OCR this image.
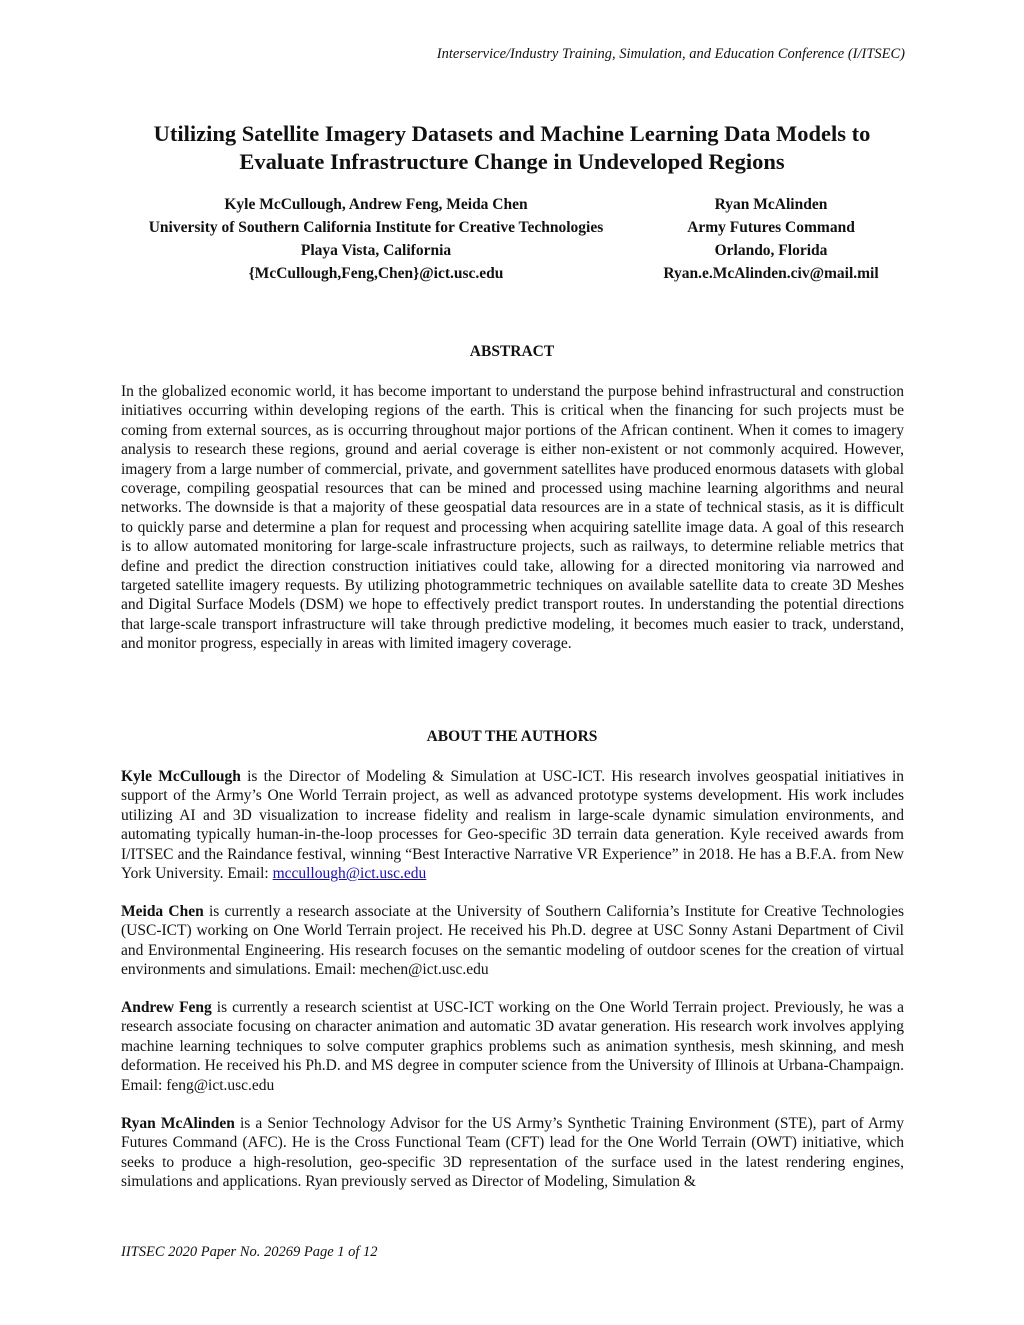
Interservice/Industry Training, Simulation, and Education Conference (I/ITSEC)
Utilizing Satellite Imagery Datasets and Machine Learning Data Models to
Evaluate Infrastructure Change in Undeveloped Regions
Kyle McCullough, Andrew Feng, Meida Chen
University of Southern California Institute for Creative Technologies
Playa Vista, California
{McCullough,Feng,Chen}@ict.usc.edu
Ryan McAlinden
Army Futures Command
Orlando, Florida
Ryan.e.McAlinden.civ@mail.mil
ABSTRACT

In the globalized economic world, it has become important to understand the purpose behind infrastructural and construction initiatives occurring within developing regions of the earth. This is critical when the financing for such projects must be coming from external sources, as is occurring throughout major portions of the African continent. When it comes to imagery analysis to research these regions, ground and aerial coverage is either non-existent or not commonly acquired. However, imagery from a large number of commercial, private, and government satellites have produced enormous datasets with global coverage, compiling geospatial resources that can be mined and processed using machine learning algorithms and neural networks. The downside is that a majority of these geospatial data resources are in a state of technical stasis, as it is difficult to quickly parse and determine a plan for request and processing when acquiring satellite image data. A goal of this research is to allow automated monitoring for large-scale infrastructure projects, such as railways, to determine reliable metrics that define and predict the direction construction initiatives could take, allowing for a directed monitoring via narrowed and targeted satellite imagery requests. By utilizing photogrammetric techniques on available satellite data to create 3D Meshes and Digital Surface Models (DSM) we hope to effectively predict transport routes. In understanding the potential directions that large-scale transport infrastructure will take through predictive modeling, it becomes much easier to track, understand, and monitor progress, especially in areas with limited imagery coverage.

ABOUT THE AUTHORS

Kyle McCullough is the Director of Modeling & Simulation at USC-ICT. His research involves geospatial initiatives in support of the Army’s One World Terrain project, as well as advanced prototype systems development. His work includes utilizing AI and 3D visualization to increase fidelity and realism in large-scale dynamic simulation environments, and automating typically human-in-the-loop processes for Geo-specific 3D terrain data generation. Kyle received awards from I/ITSEC and the Raindance festival, winning “Best Interactive Narrative VR Experience” in 2018. He has a B.F.A. from New York University. Email: mccullough@ict.usc.edu

Meida Chen is currently a research associate at the University of Southern California’s Institute for Creative Technologies (USC-ICT) working on One World Terrain project. He received his Ph.D. degree at USC Sonny Astani Department of Civil and Environmental Engineering. His research focuses on the semantic modeling of outdoor scenes for the creation of virtual environments and simulations. Email: mechen@ict.usc.edu

Andrew Feng is currently a research scientist at USC-ICT working on the One World Terrain project. Previously, he was a research associate focusing on character animation and automatic 3D avatar generation. His research work involves applying machine learning techniques to solve computer graphics problems such as animation synthesis, mesh skinning, and mesh deformation. He received his Ph.D. and MS degree in computer science from the University of Illinois at Urbana-Champaign. Email: feng@ict.usc.edu

Ryan McAlinden is a Senior Technology Advisor for the US Army’s Synthetic Training Environment (STE), part of Army Futures Command (AFC). He is the Cross Functional Team (CFT) lead for the One World Terrain (OWT) initiative, which seeks to produce a high-resolution, geo-specific 3D representation of the surface used in the latest rendering engines, simulations and applications. Ryan previously served as Director of Modeling, Simulation &

IITSEC 2020 Paper No. 20269 Page 1 of 12
